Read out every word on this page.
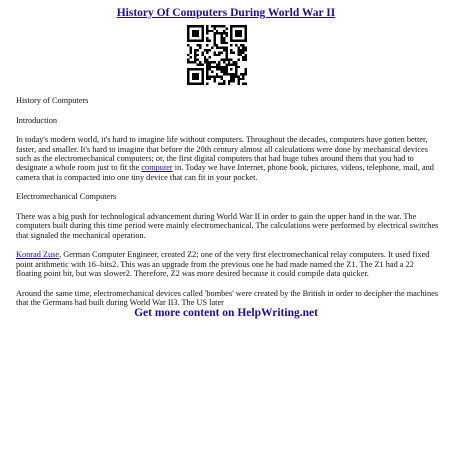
History Of Computers During World War II

History of Computers

Introduction

In today's modern world, it's hard to imagine life without computers. Throughout the decades, computers have gotten better, faster, and smaller. It's hard to imagine that before the 20th century almost all calculations were done by mechanical devices such as the electromechanical computers; or, the first digital computers that had huge tubes around them that you had to designate a whole room just to fit the computer in. Today we have Internet, phone book, pictures, videos, telephone, mail, and camera that is compacted into one tiny device that can fit in your pocket.

Electromechanical Computers

There was a big push for technological advancement during World War II in order to gain the upper hand in the war. The computers built during this time period were mainly electromechanical. The calculations were performed by electrical switches that signaled the mechanical operation.

Konrad Zuse, German Computer Engineer, created Z2; one of the very first electromechanical relay computers. It used fixed point arithmetic with 16–bits2. This was an upgrade from the previous one he had made named the Z1. The Z1 had a 22 floating point bit, but was slower2. Therefore, Z2 was more desired because it could compile data quicker.

Around the same time, electromechanical devices called 'bombes' were created by the British in order to decipher the machines that the Germans had built during World War II3. The US later

Get more content on HelpWriting.net
